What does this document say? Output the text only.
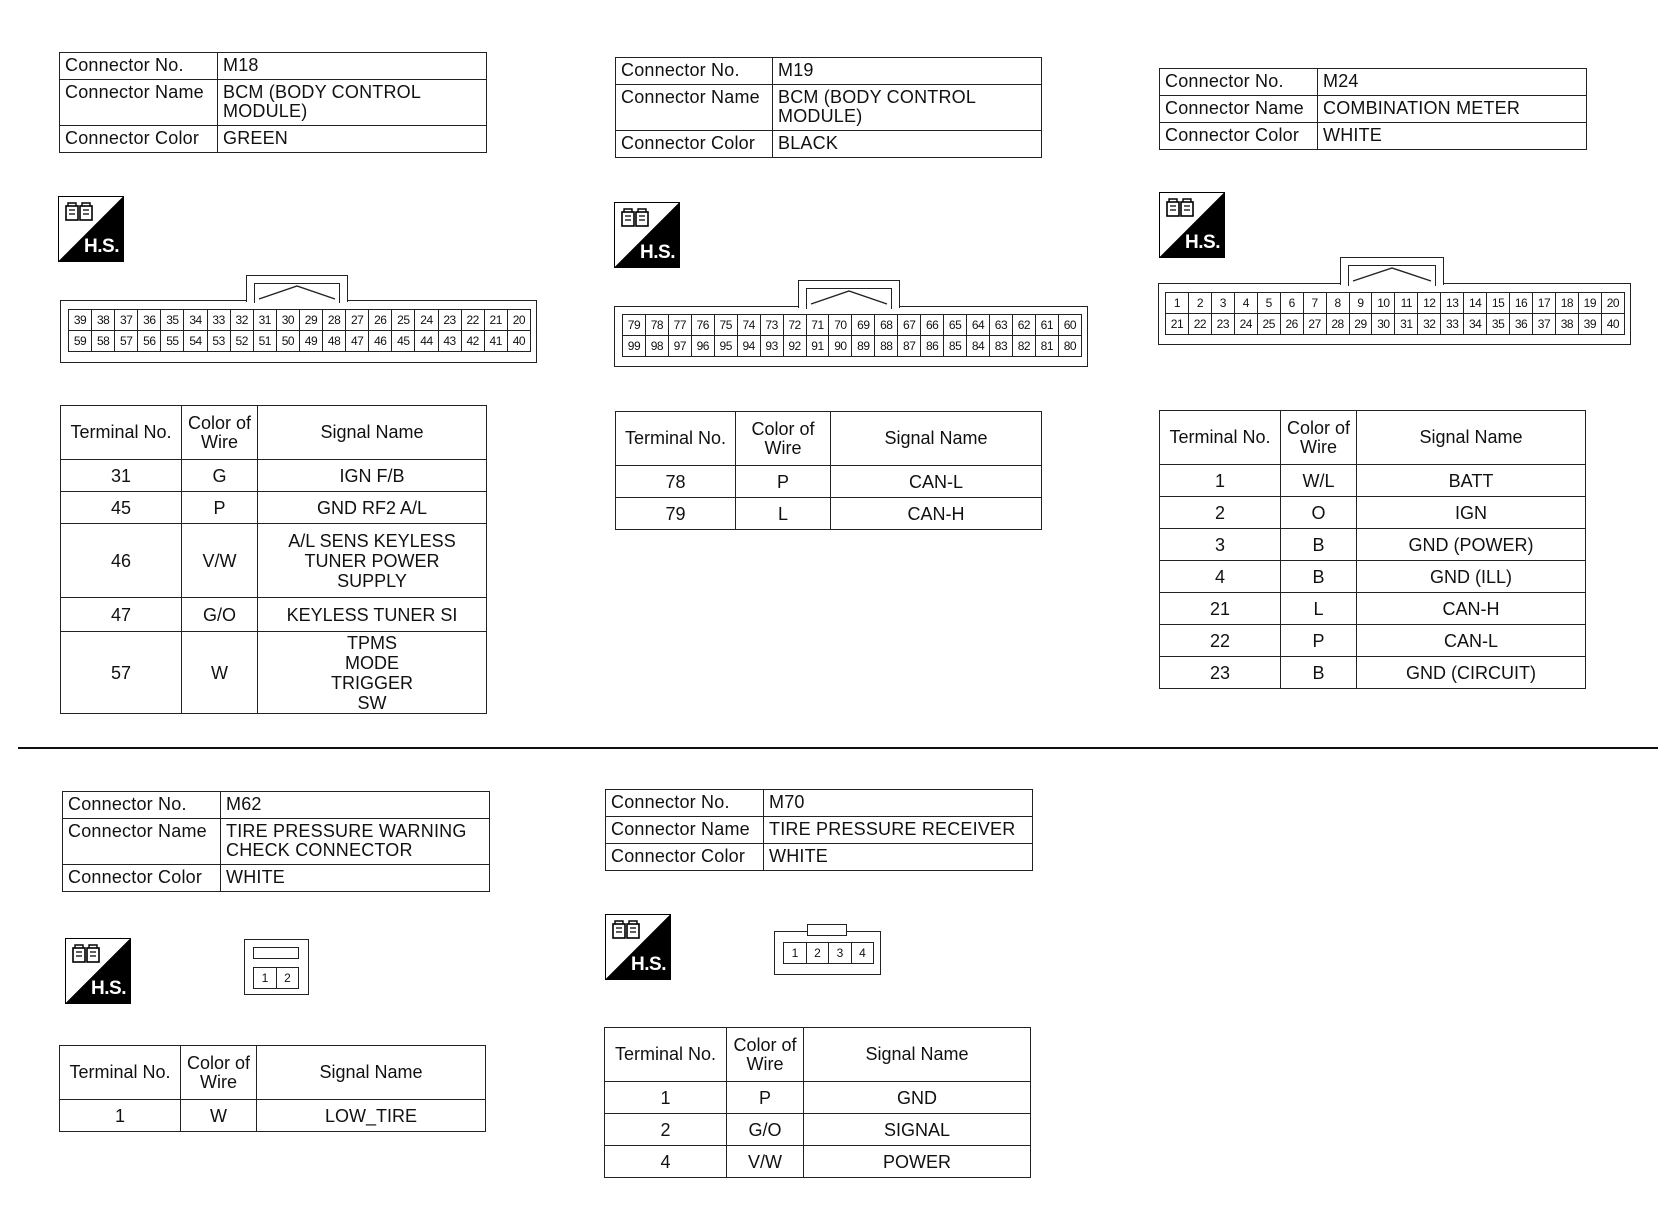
Connector No.	M18
Connector Name	BCM (BODY CONTROL MODULE)
Connector Color	GREEN
H.S.
39	38	37	36	35	34	33	32	31	30	29	28	27	26	25	24	23	22	21	20
59	58	57	56	55	54	53	52	51	50	49	48	47	46	45	44	43	42	41	40
Terminal No.	Color of Wire	Signal Name
31	G	IGN F/B
45	P	GND RF2 A/L
46	V/W	A/L SENS KEYLESS TUNER POWER SUPPLY
47	G/O	KEYLESS TUNER SI
57	W	TPMS MODE TRIGGER SW
Connector No.	M19
Connector Name	BCM (BODY CONTROL MODULE)
Connector Color	BLACK
H.S.
79	78	77	76	75	74	73	72	71	70	69	68	67	66	65	64	63	62	61	60
99	98	97	96	95	94	93	92	91	90	89	88	87	86	85	84	83	82	81	80
Terminal No.	Color of Wire	Signal Name
78	P	CAN-L
79	L	CAN-H
Connector No.	M24
Connector Name	COMBINATION METER
Connector Color	WHITE
H.S.
1	2	3	4	5	6	7	8	9	10	11	12	13	14	15	16	17	18	19	20
21	22	23	24	25	26	27	28	29	30	31	32	33	34	35	36	37	38	39	40
Terminal No.	Color of Wire	Signal Name
1	W/L	BATT
2	O	IGN
3	B	GND (POWER)
4	B	GND (ILL)
21	L	CAN-H
22	P	CAN-L
23	B	GND (CIRCUIT)
Connector No.	M62
Connector Name	TIRE PRESSURE WARNING CHECK CONNECTOR
Connector Color	WHITE
H.S.	1	2
Terminal No.	Color of Wire	Signal Name
1	W	LOW_TIRE
Connector No.	M70
Connector Name	TIRE PRESSURE RECEIVER
Connector Color	WHITE
H.S.
1	2	3	4
Terminal No.	Color of Wire	Signal Name
1	P	GND
2	G/O	SIGNAL
4	V/W	POWER
